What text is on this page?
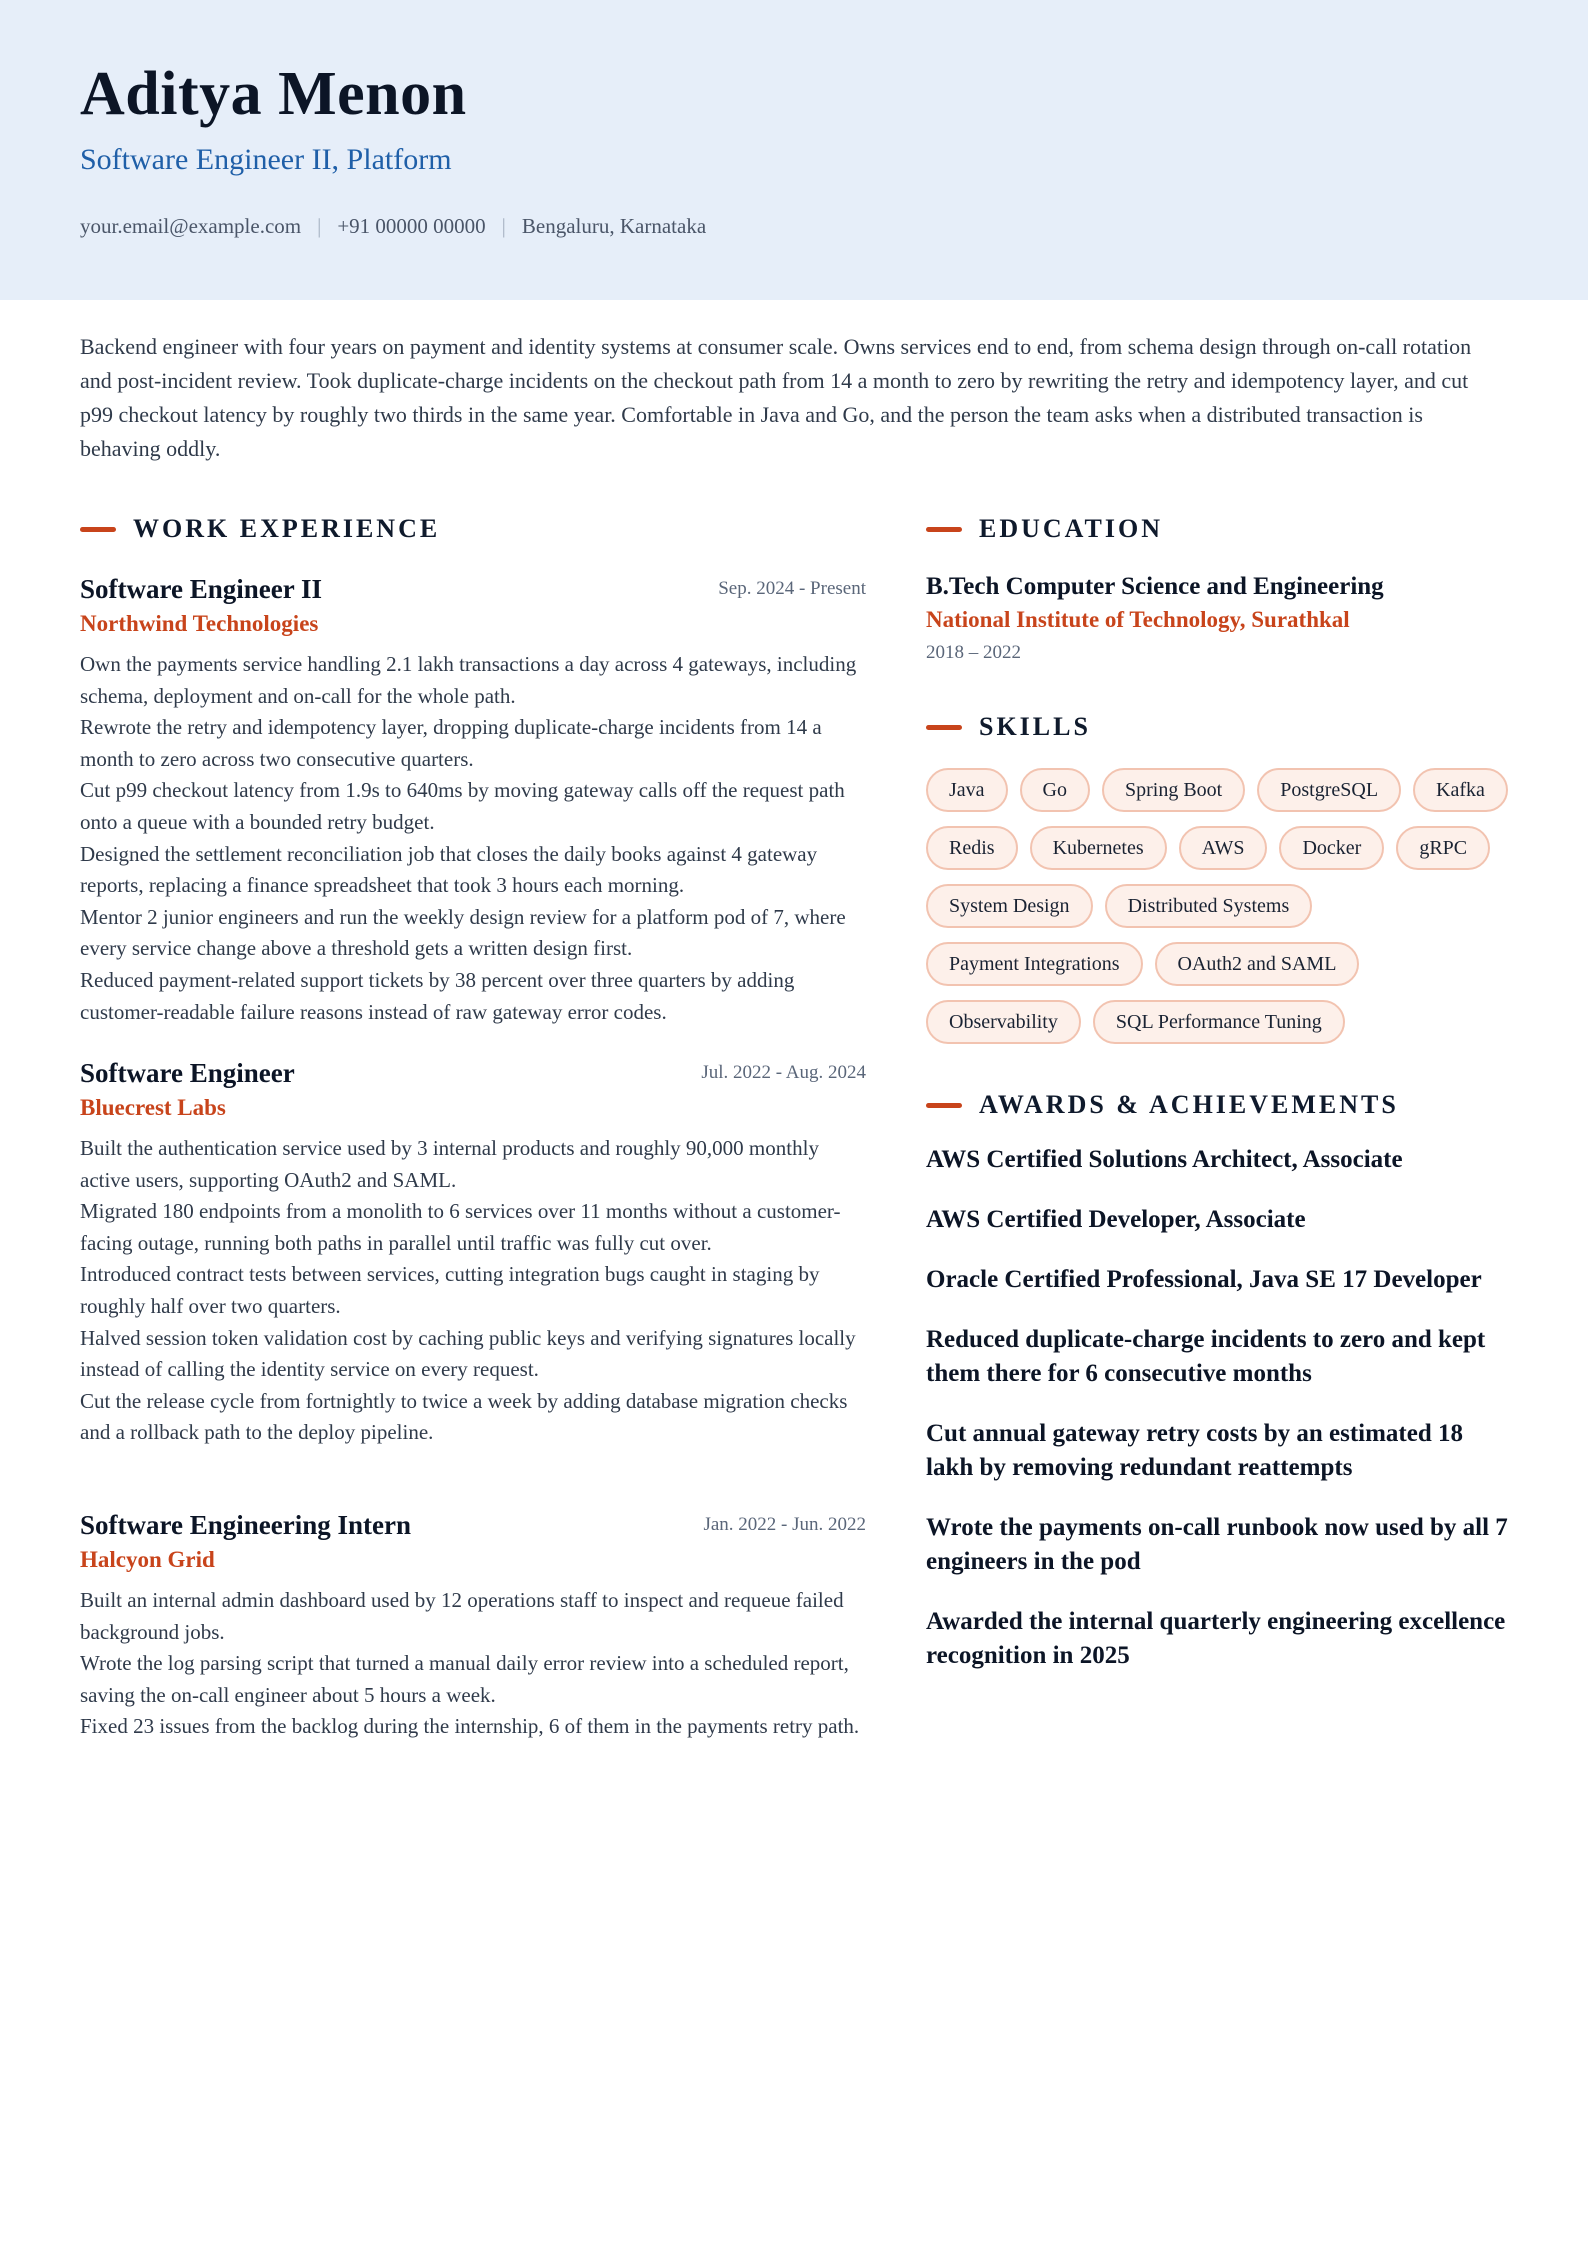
Aditya Menon
Software Engineer II, Platform
your.email@example.com | +91 00000 00000 | Bengaluru, Karnataka
Backend engineer with four years on payment and identity systems at consumer scale. Owns services end to end, from schema design through on-call rotation and post-incident review. Took duplicate-charge incidents on the checkout path from 14 a month to zero by rewriting the retry and idempotency layer, and cut p99 checkout latency by roughly two thirds in the same year. Comfortable in Java and Go, and the person the team asks when a distributed transaction is behaving oddly.
WORK EXPERIENCE
Software Engineer II	Sep. 2024 - Present
Northwind Technologies
Own the payments service handling 2.1 lakh transactions a day across 4 gateways, including schema, deployment and on-call for the whole path.
Rewrote the retry and idempotency layer, dropping duplicate-charge incidents from 14 a month to zero across two consecutive quarters.
Cut p99 checkout latency from 1.9s to 640ms by moving gateway calls off the request path onto a queue with a bounded retry budget.
Designed the settlement reconciliation job that closes the daily books against 4 gateway reports, replacing a finance spreadsheet that took 3 hours each morning.
Mentor 2 junior engineers and run the weekly design review for a platform pod of 7, where every service change above a threshold gets a written design first.
Reduced payment-related support tickets by 38 percent over three quarters by adding customer-readable failure reasons instead of raw gateway error codes.
Software Engineer	Jul. 2022 - Aug. 2024
Bluecrest Labs
Built the authentication service used by 3 internal products and roughly 90,000 monthly active users, supporting OAuth2 and SAML.
Migrated 180 endpoints from a monolith to 6 services over 11 months without a customer-facing outage, running both paths in parallel until traffic was fully cut over.
Introduced contract tests between services, cutting integration bugs caught in staging by roughly half over two quarters.
Halved session token validation cost by caching public keys and verifying signatures locally instead of calling the identity service on every request.
Cut the release cycle from fortnightly to twice a week by adding database migration checks and a rollback path to the deploy pipeline.
Software Engineering Intern	Jan. 2022 - Jun. 2022
Halcyon Grid
Built an internal admin dashboard used by 12 operations staff to inspect and requeue failed background jobs.
Wrote the log parsing script that turned a manual daily error review into a scheduled report, saving the on-call engineer about 5 hours a week.
Fixed 23 issues from the backlog during the internship, 6 of them in the payments retry path.
EDUCATION
B.Tech Computer Science and Engineering
National Institute of Technology, Surathkal
2018 – 2022
SKILLS
Java	Go	Spring Boot	PostgreSQL	Kafka
Redis	Kubernetes	AWS	Docker	gRPC
System Design	Distributed Systems
Payment Integrations	OAuth2 and SAML
Observability	SQL Performance Tuning
AWARDS & ACHIEVEMENTS
AWS Certified Solutions Architect, Associate
AWS Certified Developer, Associate
Oracle Certified Professional, Java SE 17 Developer
Reduced duplicate-charge incidents to zero and kept them there for 6 consecutive months
Cut annual gateway retry costs by an estimated 18 lakh by removing redundant reattempts
Wrote the payments on-call runbook now used by all 7 engineers in the pod
Awarded the internal quarterly engineering excellence recognition in 2025
